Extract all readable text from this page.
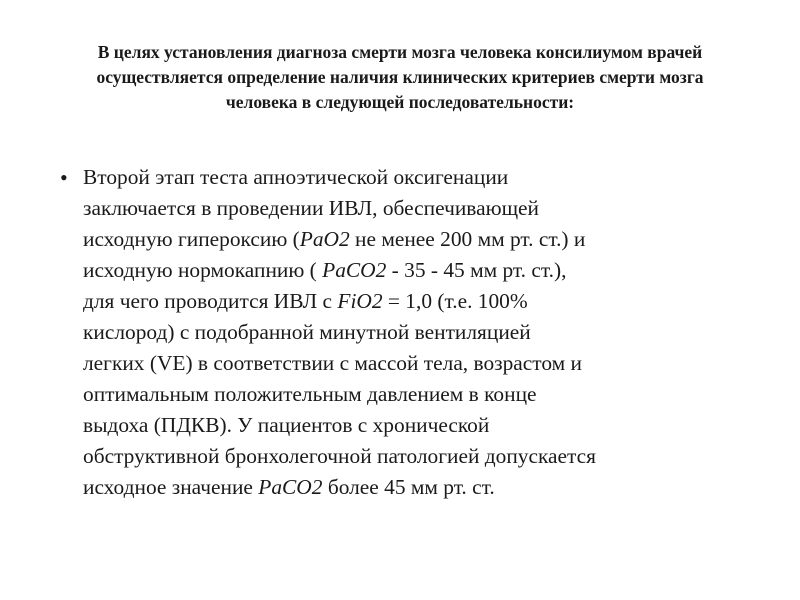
В целях установления диагноза смерти мозга человека консилиумом врачей
осуществляется определение наличия клинических критериев смерти мозга
человека в следующей последовательности:
• Второй этап теста апноэтической оксигенации
заключается в проведении ИВЛ, обеспечивающей
исходную гипероксию (PaO2 не менее 200 мм рт. ст.) и
исходную нормокапнию ( PaCO2 - 35 - 45 мм рт. ст.),
для чего проводится ИВЛ с FiO2 = 1,0 (т.е. 100%
кислород) с подобранной минутной вентиляцией
легких (VE) в соответствии с массой тела, возрастом и
оптимальным положительным давлением в конце
выдоха (ПДКВ). У пациентов с хронической
обструктивной бронхолегочной патологией допускается
исходное значение PaCO2 более 45 мм рт. ст.
